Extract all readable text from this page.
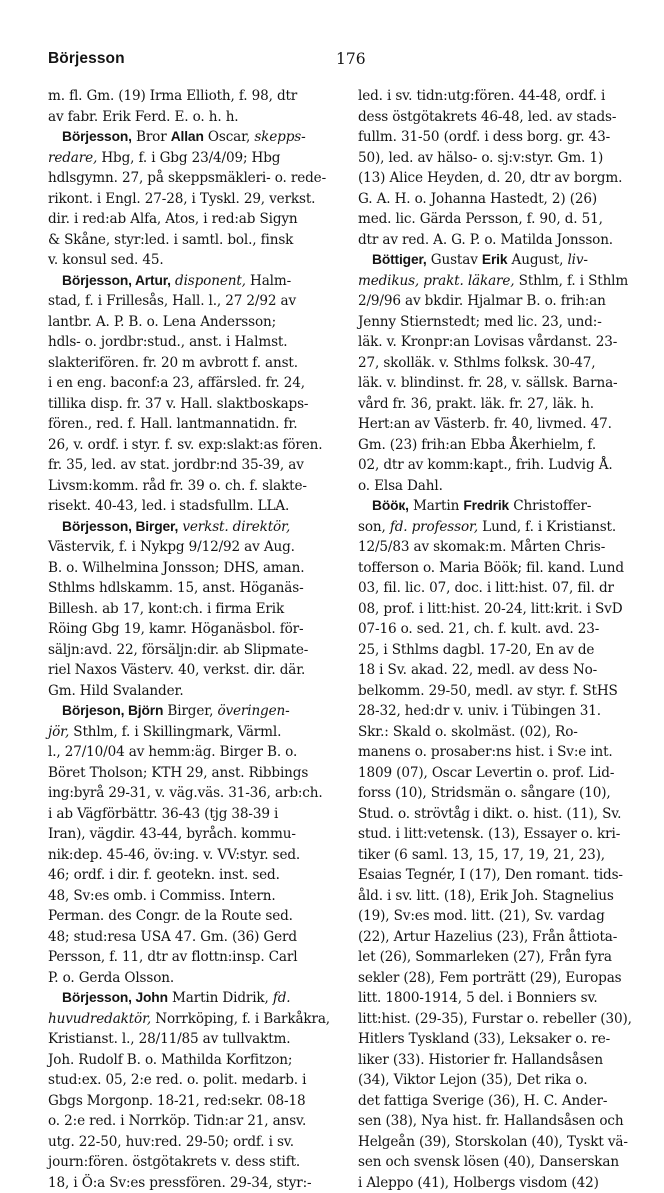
Börjesson	176
m. fl. Gm. (19) Irma Ellioth, f. 98, dtr
av fabr. Erik Ferd. E. o. h. h.
Börjesson, Bror Allan Oscar, skepps-
redare, Hbg, f. i Gbg 23/4/09; Hbg
hdlsgymn. 27, på skeppsmäkleri- o. rede-
rikont. i Engl. 27-28, i Tyskl. 29, verkst.
dir. i red:ab Alfa, Atos, i red:ab Sigyn
& Skåne, styr:led. i samtl. bol., finsk
v. konsul sed. 45.
Börjesson, Artur, disponent, Halm-
stad, f. i Frillesås, Hall. l., 27 2/92 av
lantbr. A. P. B. o. Lena Andersson;
hdls- o. jordbr:stud., anst. i Halmst.
slakterifören. fr. 20 m avbrott f. anst.
i en eng. baconf:a 23, affärsled. fr. 24,
tillika disp. fr. 37 v. Hall. slaktboskaps-
fören., red. f. Hall. lantmannatidn. fr.
26, v. ordf. i styr. f. sv. exp:slakt:as fören.
fr. 35, led. av stat. jordbr:nd 35-39, av
Livsm:komm. råd fr. 39 o. ch. f. slakte-
risekt. 40-43, led. i stadsfullm. LLA.
Börjesson, Birger, verkst. direktör,
Västervik, f. i Nykpg 9/12/92 av Aug.
B. o. Wilhelmina Jonsson; DHS, aman.
Sthlms hdlskamm. 15, anst. Höganäs-
Billesh. ab 17, kont:ch. i firma Erik
Röing Gbg 19, kamr. Höganäsbol. för-
säljn:avd. 22, försäljn:dir. ab Slipmate-
riel Naxos Västerv. 40, verkst. dir. där.
Gm. Hild Svalander.
Börjeson, Björn Birger, överingen-
jör, Sthlm, f. i Skillingmark, Värml.
l., 27/10/04 av hemm:äg. Birger B. o.
Böret Tholson; KTH 29, anst. Ribbings
ing:byrå 29-31, v. väg.väs. 31-36, arb:ch.
i ab Vägförbättr. 36-43 (tjg 38-39 i
Iran), vägdir. 43-44, byråch. kommu-
nik:dep. 45-46, öv:ing. v. VV:styr. sed.
46; ordf. i dir. f. geotekn. inst. sed.
48, Sv:es omb. i Commiss. Intern.
Perman. des Congr. de la Route sed.
48; stud:resa USA 47. Gm. (36) Gerd
Persson, f. 11, dtr av flottn:insp. Carl
P. o. Gerda Olsson.
Börjesson, John Martin Didrik, fd.
huvudredaktör, Norrköping, f. i Barkåkra,
Kristianst. l., 28/11/85 av tullvaktm.
Joh. Rudolf B. o. Mathilda Korfitzon;
stud:ex. 05, 2:e red. o. polit. medarb. i
Gbgs Morgonp. 18-21, red:sekr. 08-18
o. 2:e red. i Norrköp. Tidn:ar 21, ansv.
utg. 22-50, huv:red. 29-50; ordf. i sv.
journ:fören. östgötakrets v. dess stift.
18, i Ö:a Sv:es pressfören. 29-34, styr:-
led. i sv. tidn:utg:fören. 44-48, ordf. i
dess östgötakrets 46-48, led. av stads-
fullm. 31-50 (ordf. i dess borg. gr. 43-
50), led. av hälso- o. sj:v:styr. Gm. 1)
(13) Alice Heyden, d. 20, dtr av borgm.
G. A. H. o. Johanna Hastedt, 2) (26)
med. lic. Gärda Persson, f. 90, d. 51,
dtr av red. A. G. P. o. Matilda Jonsson.
Böttiger, Gustav Erik August, liv-
medikus, prakt. läkare, Sthlm, f. i Sthlm
2/9/96 av bkdir. Hjalmar B. o. frih:an
Jenny Stiernstedt; med lic. 23, und:-
läk. v. Kronpr:an Lovisas vårdanst. 23-
27, skolläk. v. Sthlms folksk. 30-47,
läk. v. blindinst. fr. 28, v. sällsk. Barna-
vård fr. 36, prakt. läk. fr. 27, läk. h.
Hert:an av Västerb. fr. 40, livmed. 47.
Gm. (23) frih:an Ebba Åkerhielm, f.
02, dtr av komm:kapt., frih. Ludvig Å.
o. Elsa Dahl.
Bööк, Martin Fredrik Christoffer-
son, fd. professor, Lund, f. i Kristianst.
12/5/83 av skomak:m. Mårten Chris-
tofferson o. Maria Böök; fil. kand. Lund
03, fil. lic. 07, doc. i litt:hist. 07, fil. dr
08, prof. i litt:hist. 20-24, litt:krit. i SvD
07-16 o. sed. 21, ch. f. kult. avd. 23-
25, i Sthlms dagbl. 17-20, En av de
18 i Sv. akad. 22, medl. av dess No-
belkomm. 29-50, medl. av styr. f. StHS
28-32, hed:dr v. univ. i Tübingen 31.
Skr.: Skald o. skolmäst. (02), Ro-
manens o. prosaber:ns hist. i Sv:e int.
1809 (07), Oscar Levertin o. prof. Lid-
forss (10), Stridsmän o. sångare (10),
Stud. o. strövtåg i dikt. o. hist. (11), Sv.
stud. i litt:vetensk. (13), Essayer o. kri-
tiker (6 saml. 13, 15, 17, 19, 21, 23),
Esaias Tegnér, I (17), Den romant. tids-
åld. i sv. litt. (18), Erik Joh. Stagnelius
(19), Sv:es mod. litt. (21), Sv. vardag
(22), Artur Hazelius (23), Från åttiota-
let (26), Sommarleken (27), Från fyra
sekler (28), Fem porträtt (29), Europas
litt. 1800-1914, 5 del. i Bonniers sv.
litt:hist. (29-35), Furstar o. rebeller (30),
Hitlers Tyskland (33), Leksaker o. re-
liker (33). Historier fr. Hallandsåsen
(34), Viktor Lejon (35), Det rika o.
det fattiga Sverige (36), H. C. Ander-
sen (38), Nya hist. fr. Hallandsåsen och
Helgeån (39), Storskolan (40), Tyskt vä-
sen och svensk lösen (40), Danserskan
i Aleppo (41), Holbergs visdom (42)
